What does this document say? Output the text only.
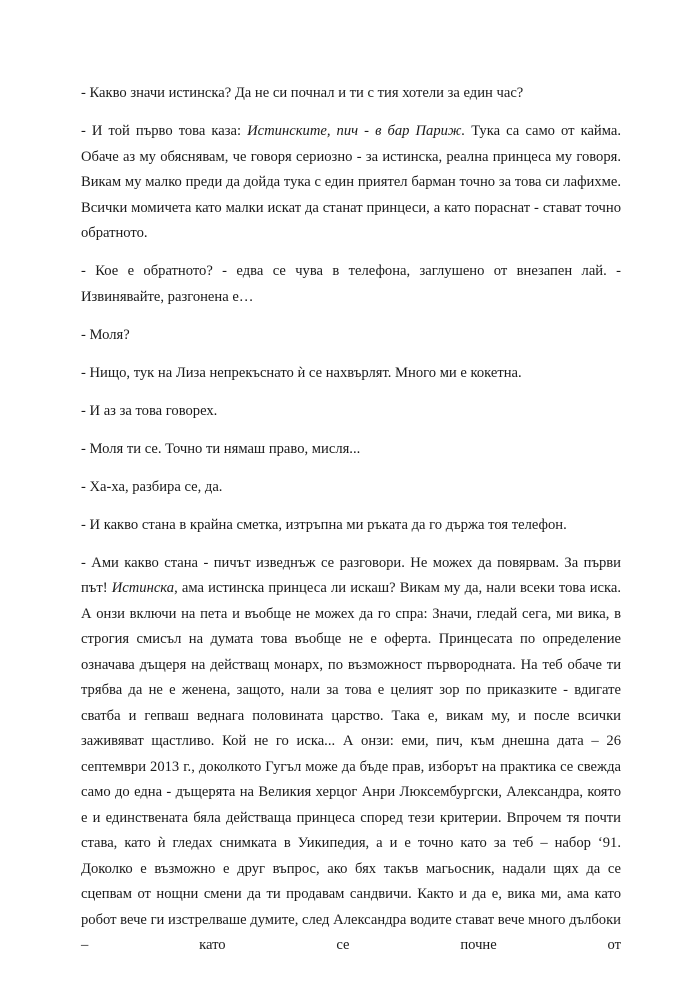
- Какво значи истинска? Да не си почнал и ти с тия хотели за един час?

- И той първо това каза: Истинските, пич - в бар Париж. Тука са само от кайма. Обаче аз му обяснявам, че говоря сериозно - за истинска, реална принцеса му говоря. Викам му малко преди да дойда тука с един приятел барман точно за това си лафихме. Всички момичета като малки искат да станат принцеси, а като пораснат - стават точно обратното.

- Кое е обратното? - едва се чува в телефона, заглушено от внезапен лай. - Извинявайте, разгонена е…

- Моля?

- Нищо, тук на Лиза непрекъснато ѝ се нахвърлят. Много ми е кокетна.

- И аз за това говорех.

- Моля ти се. Точно ти нямаш право, мисля...

- Ха-ха, разбира се, да.

- И какво стана в крайна сметка, изтръпна ми ръката да го държа тоя телефон.

- Ами какво стана - пичът изведнъж се разговори. Не можех да повярвам. За първи път! Истинска, ама истинска принцеса ли искаш? Викам му да, нали всеки това иска. А онзи включи на пета и въобще не можех да го спра: Значи, гледай сега, ми вика, в строгия смисъл на думата това въобще не е оферта. Принцесата по определение означава дъщеря на действащ монарх, по възможност първородната. На теб обаче ти трябва да не е женена, защото, нали за това е целият зор по приказките - вдигате сватба и гепваш веднага половината царство. Така е, викам му, и после всички заживяват щастливо. Кой не го иска... А онзи: еми, пич, към днешна дата – 26 септември 2013 г., доколкото Гугъл може да бъде прав, изборът на практика се свежда само до една - дъщерята на Великия херцог Анри Люксембургски, Александра, която е и единствената бяла действаща принцеса според тези критерии. Впрочем тя почти става, като ѝ гледах снимката в Уикипедия, а и е точно като за теб – набор ‘91. Доколко е възможно е друг въпрос, ако бях такъв магьосник, надали щях да се сцепвам от нощни смени да ти продавам сандвичи. Както и да е, вика ми, ама като робот вече ги изстрелваше думите, след Александра водите стават вече много дълбоки – като се почне от
